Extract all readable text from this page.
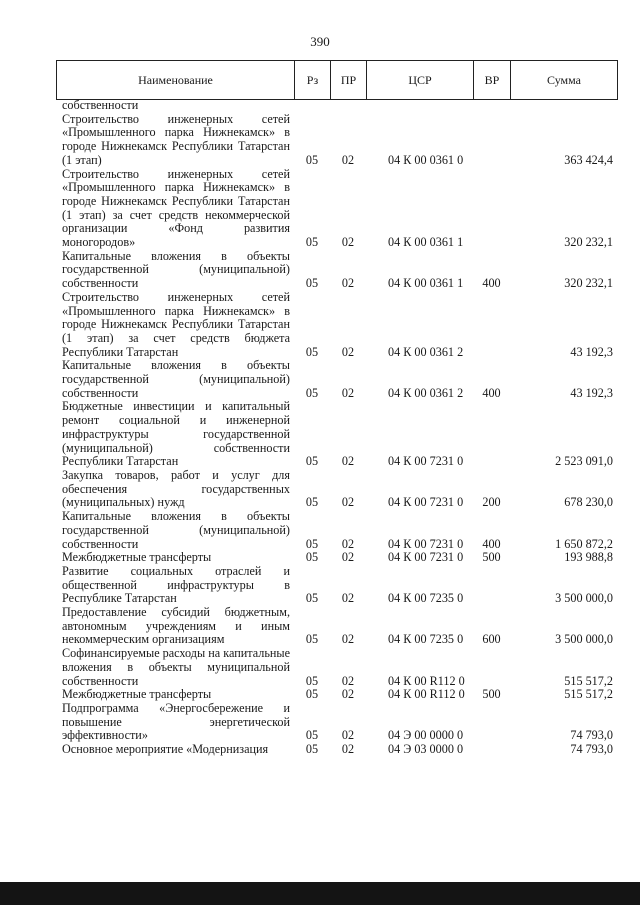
390
Наименование	Рз	ПР	ЦСР	ВР	Сумма
собственности					

Строительство инженерных сетей «Промышленного парка Нижнекамск» в городе Нижнекамск Республики Татарстан (1 этап)	05	02	04 К 00 0361 0		363 424,4

Строительство инженерных сетей «Промышленного парка Нижнекамск» в городе Нижнекамск Республики Татарстан (1 этап) за счет средств некоммерческой организации «Фонд развития моногородов»	05	02	04 К 00 0361 1		320 232,1

Капитальные вложения в объекты государственной (муниципальной) собственности	05	02	04 К 00 0361 1	400	320 232,1

Строительство инженерных сетей «Промышленного парка Нижнекамск» в городе Нижнекамск Республики Татарстан (1 этап) за счет средств бюджета Республики Татарстан	05	02	04 К 00 0361 2		43 192,3

Капитальные вложения в объекты государственной (муниципальной) собственности	05	02	04 К 00 0361 2	400	43 192,3

Бюджетные инвестиции и капитальный ремонт социальной и инженерной инфраструктуры государственной (муниципальной) собственности Республики Татарстан	05	02	04 К 00 7231 0		2 523 091,0

Закупка товаров, работ и услуг для обеспечения государственных (муниципальных) нужд	05	02	04 К 00 7231 0	200	678 230,0

Капитальные вложения в объекты государственной (муниципальной) собственности	05	02	04 К 00 7231 0	400	1 650 872,2

Межбюджетные трансферты	05	02	04 К 00 7231 0	500	193 988,8

Развитие социальных отраслей и общественной инфраструктуры в Республике Татарстан	05	02	04 К 00 7235 0		3 500 000,0

Предоставление субсидий бюджетным, автономным учреждениям и иным некоммерческим организациям	05	02	04 К 00 7235 0	600	3 500 000,0

Софинансируемые расходы на капитальные вложения в объекты муниципальной собственности	05	02	04 К 00 R112 0		515 517,2

Межбюджетные трансферты	05	02	04 К 00 R112 0	500	515 517,2

Подпрограмма «Энергосбережение и повышение энергетической эффективности»	05	02	04 Э 00 0000 0		74 793,0

Основное мероприятие «Модернизация	05	02	04 Э 03 0000 0		74 793,0
